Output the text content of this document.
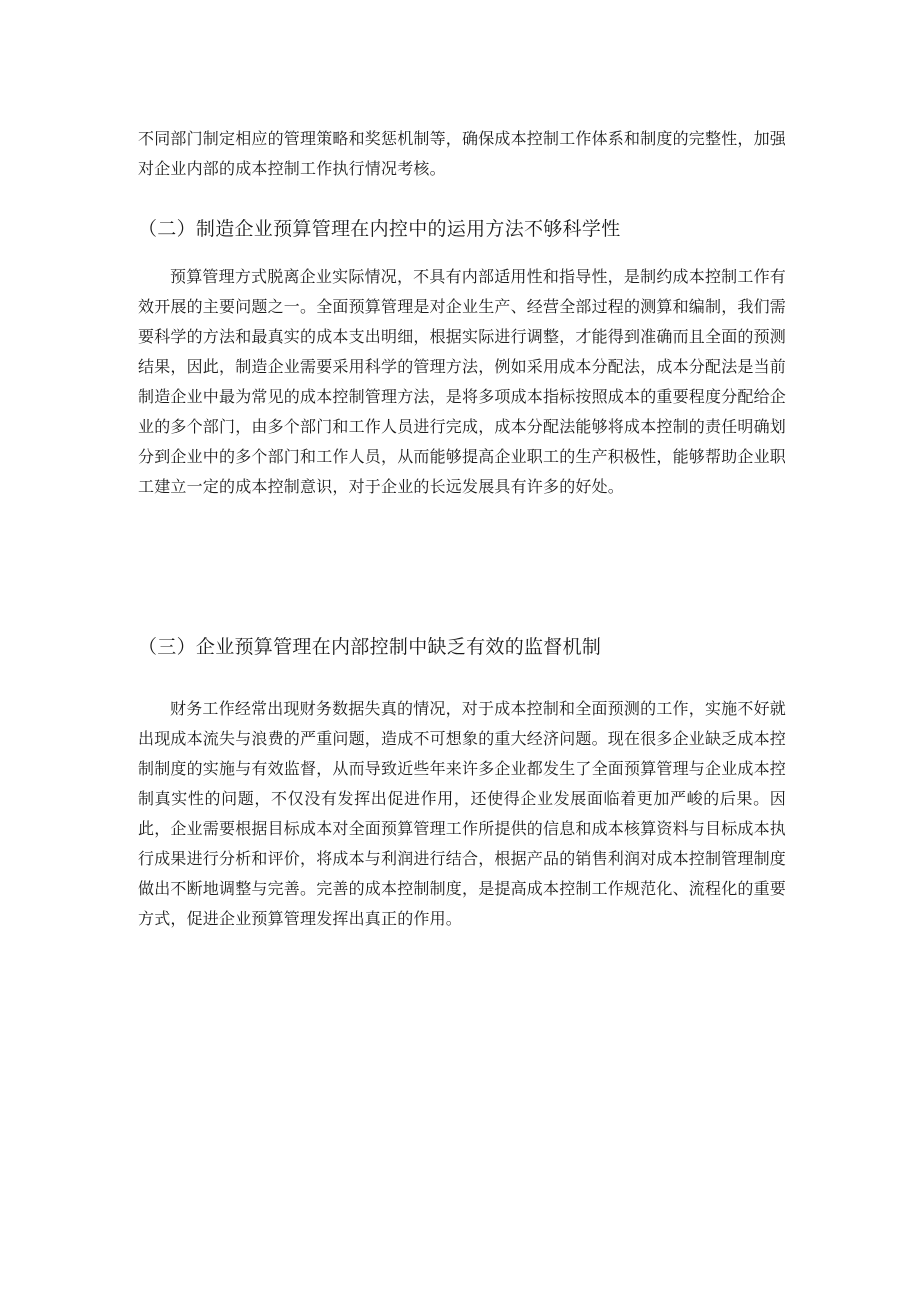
不同部门制定相应的管理策略和奖惩机制等，确保成本控制工作体系和制度的完整性，加强对企业内部的成本控制工作执行情况考核。

（二）制造企业预算管理在内控中的运用方法不够科学性

预算管理方式脱离企业实际情况，不具有内部适用性和指导性，是制约成本控制工作有效开展的主要问题之一。全面预算管理是对企业生产、经营全部过程的测算和编制，我们需要科学的方法和最真实的成本支出明细，根据实际进行调整，才能得到准确而且全面的预测结果，因此，制造企业需要采用科学的管理方法，例如采用成本分配法，成本分配法是当前制造企业中最为常见的成本控制管理方法，是将多项成本指标按照成本的重要程度分配给企业的多个部门，由多个部门和工作人员进行完成，成本分配法能够将成本控制的责任明确划分到企业中的多个部门和工作人员，从而能够提高企业职工的生产积极性，能够帮助企业职工建立一定的成本控制意识，对于企业的长远发展具有许多的好处。

（三）企业预算管理在内部控制中缺乏有效的监督机制

财务工作经常出现财务数据失真的情况，对于成本控制和全面预测的工作，实施不好就出现成本流失与浪费的严重问题，造成不可想象的重大经济问题。现在很多企业缺乏成本控制制度的实施与有效监督，从而导致近些年来许多企业都发生了全面预算管理与企业成本控制真实性的问题，不仅没有发挥出促进作用，还使得企业发展面临着更加严峻的后果。因此，企业需要根据目标成本对全面预算管理工作所提供的信息和成本核算资料与目标成本执行成果进行分析和评价，将成本与利润进行结合，根据产品的销售利润对成本控制管理制度做出不断地调整与完善。完善的成本控制制度，是提高成本控制工作规范化、流程化的重要方式，促进企业预算管理发挥出真正的作用。
